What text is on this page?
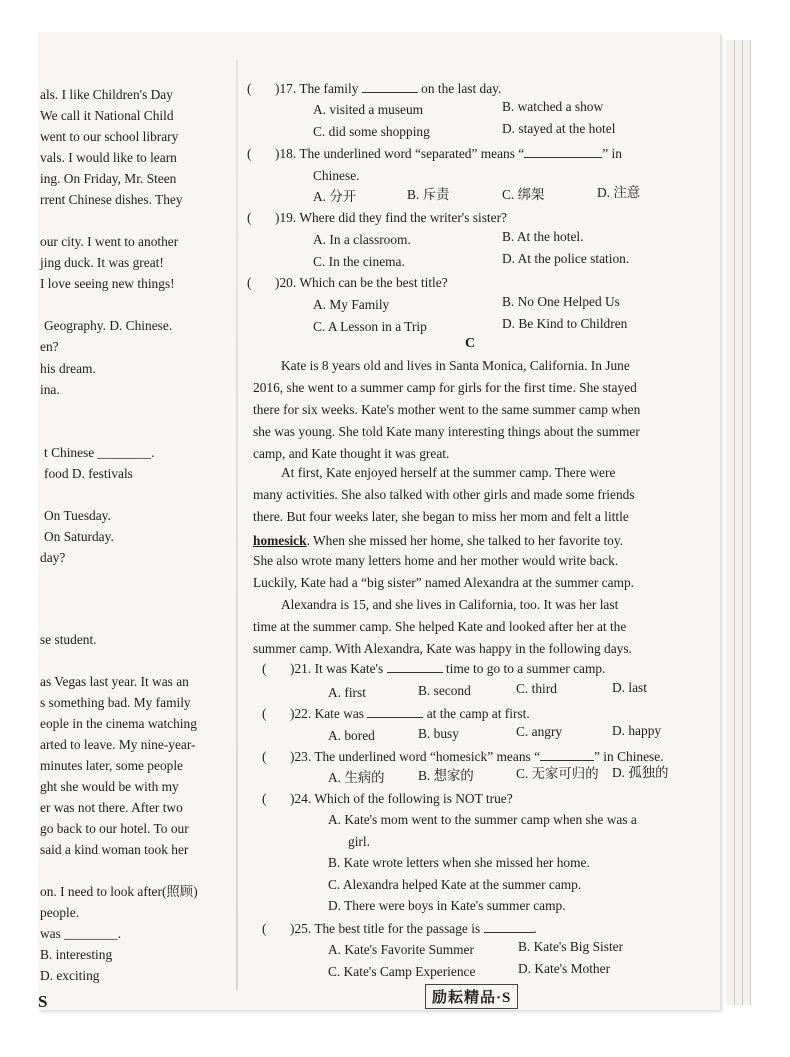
als. I like Children's Day
We call it National Child
went to our school library
vals. I would like to learn
ing. On Friday, Mr. Steen
rrent Chinese dishes. They
our city. I went to another
jing duck. It was great!
I love seeing new things!
Geography. D. Chinese.
en?
his dream.
ina.
t Chinese ________.
food D. festivals
On Tuesday.
On Saturday.
day?
se student.
as Vegas last year. It was an
s something bad. My family
eople in the cinema watching
arted to leave. My nine-year-
minutes later, some people
ght she would be with my
er was not there. After two
go back to our hotel. To our
said a kind woman took her
on. I need to look after(照顾)
people.
was ________.
B. interesting
D. exciting
( )17. The family	on the last day.
A. visited a museum	B. watched a show
C. did some shopping	D. stayed at the hotel
( )18. The underlined word “separated” means “	” in
Chinese.
A. 分开	B. 斥责	C. 绑架	D. 注意
( )19. Where did they find the writer's sister?
A. In a classroom.	B. At the hotel.
C. In the cinema.	D. At the police station.
( )20. Which can be the best title?
A. My Family	B. No One Helped Us
C. A Lesson in a Trip	D. Be Kind to Children
C
Kate is 8 years old and lives in Santa Monica, California. In June
2016, she went to a summer camp for girls for the first time. She stayed
there for six weeks. Kate's mother went to the same summer camp when
she was young. She told Kate many interesting things about the summer
camp, and Kate thought it was great.
At first, Kate enjoyed herself at the summer camp. There were
many activities. She also talked with other girls and made some friends
there. But four weeks later, she began to miss her mom and felt a little
homesick. When she missed her home, she talked to her favorite toy.
She also wrote many letters home and her mother would write back.
Luckily, Kate had a “big sister” named Alexandra at the summer camp.
Alexandra is 15, and she lives in California, too. It was her last
time at the summer camp. She helped Kate and looked after her at the
summer camp. With Alexandra, Kate was happy in the following days.
( )21. It was Kate's	time to go to a summer camp.
A. first	B. second	C. third	D. last
( )22. Kate was	at the camp at first.
A. bored	B. busy	C. angry	D. happy
( )23. The underlined word “homesick” means “	” in Chinese.
A. 生病的 B. 想家的	C. 无家可归的 D. 孤独的
( )24. Which of the following is NOT true?
A. Kate's mom went to the summer camp when she was a
girl.
B. Kate wrote letters when she missed her home.
C. Alexandra helped Kate at the summer camp.
D. There were boys in Kate's summer camp.
( )25. The best title for the passage is	.
A. Kate's Favorite Summer	B. Kate's Big Sister
C. Kate's Camp Experience	D. Kate's Mother
S	励耘精品·S
